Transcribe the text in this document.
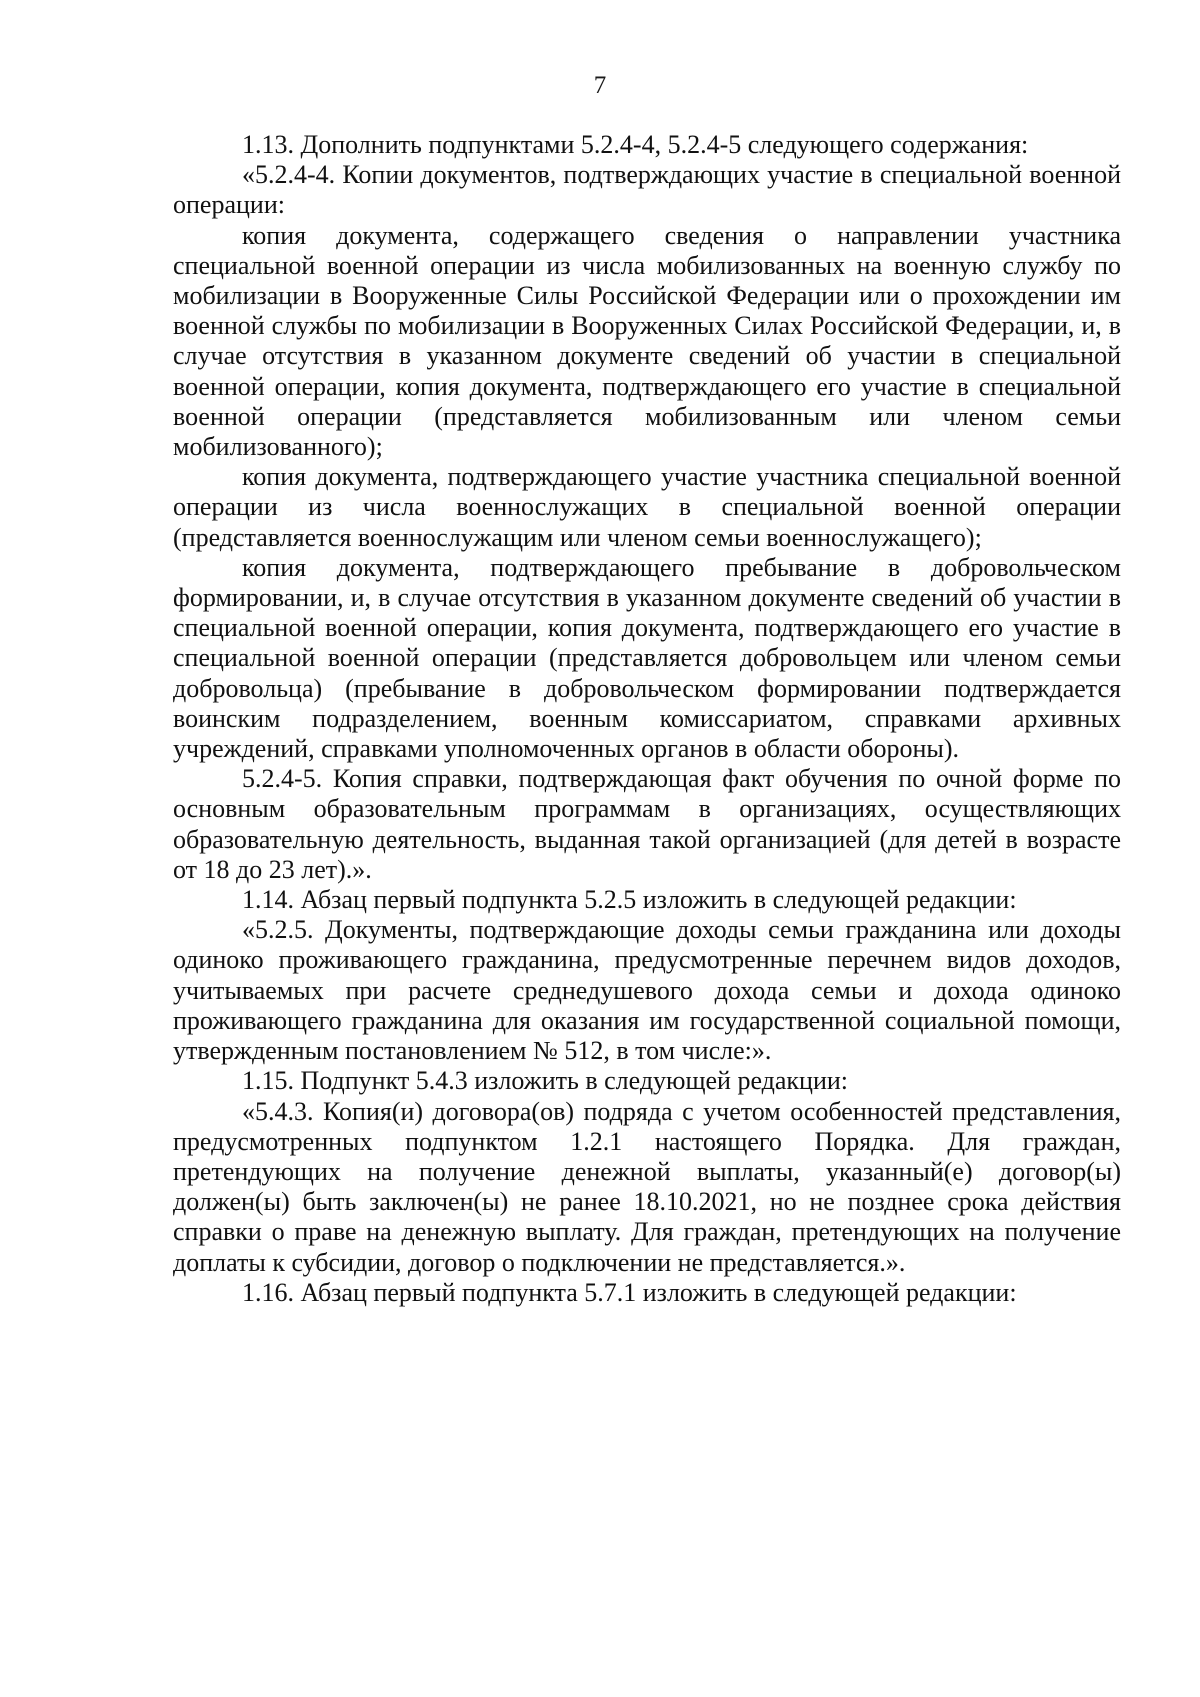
7

1.13. Дополнить подпунктами 5.2.4-4, 5.2.4-5 следующего содержания:

«5.2.4-4. Копии документов, подтверждающих участие в специальной военной операции:

копия документа, содержащего сведения о направлении участника специальной военной операции из числа мобилизованных на военную службу по мобилизации в Вооруженные Силы Российской Федерации или о прохождении им военной службы по мобилизации в Вооруженных Силах Российской Федерации, и, в случае отсутствия в указанном документе сведений об участии в специальной военной операции, копия документа, подтверждающего его участие в специальной военной операции (представляется мобилизованным или членом семьи мобилизованного);

копия документа, подтверждающего участие участника специальной военной операции из числа военнослужащих в специальной военной операции (представляется военнослужащим или членом семьи военнослужащего);

копия документа, подтверждающего пребывание в добровольческом формировании, и, в случае отсутствия в указанном документе сведений об участии в специальной военной операции, копия документа, подтверждающего его участие в специальной военной операции (представляется добровольцем или членом семьи добровольца) (пребывание в добровольческом формировании подтверждается воинским подразделением, военным комиссариатом, справками архивных учреждений, справками уполномоченных органов в области обороны).

5.2.4-5. Копия справки, подтверждающая факт обучения по очной форме по основным образовательным программам в организациях, осуществляющих образовательную деятельность, выданная такой организацией (для детей в возрасте от 18 до 23 лет).».

1.14. Абзац первый подпункта 5.2.5 изложить в следующей редакции:

«5.2.5. Документы, подтверждающие доходы семьи гражданина или доходы одиноко проживающего гражданина, предусмотренные перечнем видов доходов, учитываемых при расчете среднедушевого дохода семьи и дохода одиноко проживающего гражданина для оказания им государственной социальной помощи, утвержденным постановлением № 512, в том числе:».

1.15. Подпункт 5.4.3 изложить в следующей редакции:

«5.4.3. Копия(и) договора(ов) подряда с учетом особенностей представления, предусмотренных подпунктом 1.2.1 настоящего Порядка. Для граждан, претендующих на получение денежной выплаты, указанный(е) договор(ы) должен(ы) быть заключен(ы) не ранее 18.10.2021, но не позднее срока действия справки о праве на денежную выплату. Для граждан, претендующих на получение доплаты к субсидии, договор о подключении не представляется.».

1.16. Абзац первый подпункта 5.7.1 изложить в следующей редакции:
